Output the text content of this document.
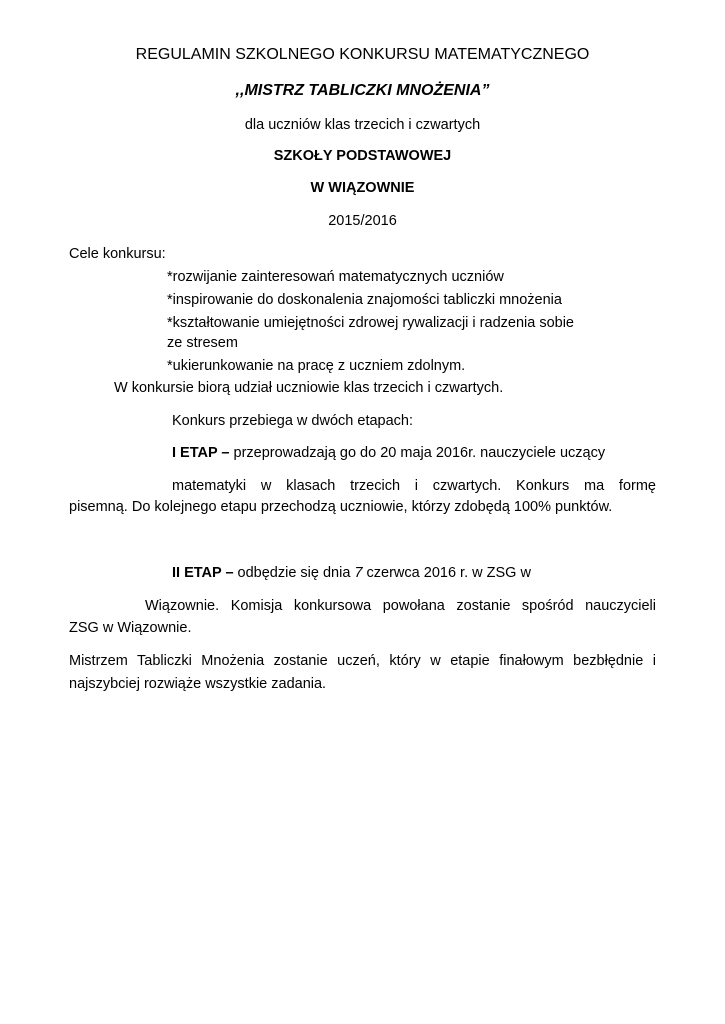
REGULAMIN SZKOLNEGO KONKURSU MATEMATYCZNEGO
,,MISTRZ TABLICZKI MNOŻENIA”
dla uczniów klas trzecich i czwartych
SZKOŁY PODSTAWOWEJ
W WIĄZOWNIE
2015/2016
Cele konkursu:
*rozwijanie zainteresowań matematycznych uczniów
*inspirowanie do doskonalenia znajomości tabliczki mnożenia
*kształtowanie umiejętności zdrowej rywalizacji i radzenia sobie
ze stresem
*ukierunkowanie na pracę z uczniem zdolnym.
W konkursie biorą udział uczniowie klas trzecich i czwartych.
Konkurs przebiega w dwóch etapach:
I ETAP – przeprowadzają go do 20 maja 2016r. nauczyciele uczący
matematyki w klasach trzecich i czwartych. Konkurs ma formę
pisemną. Do kolejnego etapu przechodzą uczniowie, którzy zdobędą 100% punktów.
II ETAP – odbędzie się dnia 7 czerwca 2016 r. w ZSG w
Wiązownie. Komisja konkursowa powołana zostanie spośród nauczycieli
ZSG w Wiązownie.
Mistrzem Tabliczki Mnożenia zostanie uczeń, który w etapie finałowym bezbłędnie i
najszybciej rozwiąże wszystkie zadania.
